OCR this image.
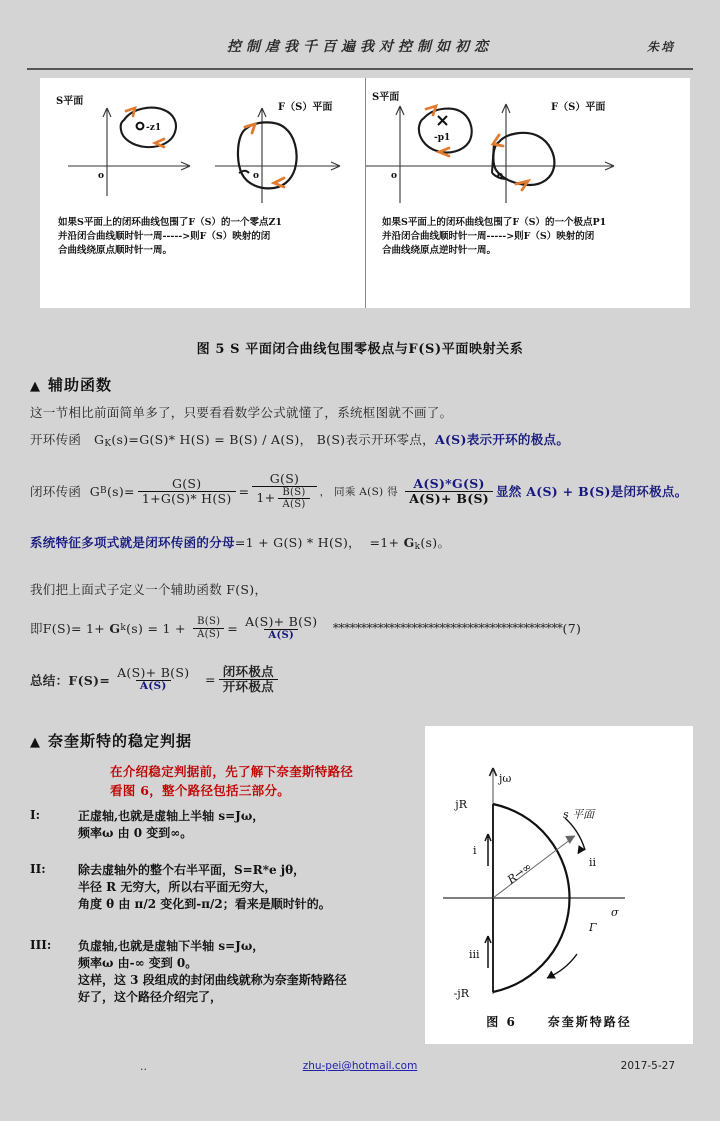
控制虐我千百遍我对控制如初恋	朱培
o
-z1
o
S平面
F（S）平面
如果S平面上的闭环曲线包围了F（S）的一个零点Z1
并沿闭合曲线顺时针一周----->则F（S）映射的闭
合曲线绕原点顺时针一周。
o
-p1
o
S平面
F（S）平面
如果S平面上的闭环曲线包围了F（S）的一个极点P1
并沿闭合曲线顺时针一周----->则F（S）映射的闭
合曲线绕原点逆时针一周。
图 5 S 平面闭合曲线包围零极点与F(S)平面映射关系
▲ 辅助函数
这一节相比前面简单多了，只要看看数学公式就懂了，系统框图就不画了。
开环传函 $G_K(s)=G(S)*$ H(S) = B(S) / A(S)， B(S)表示开环零点，A(S)表示开环的极点。
闭环传函
G B $(s)= \frac{G(S)}{1+G(S)* H(S)} = \frac{G(S)}{1+ \frac{B(S)}{A(S)}}$ ， 同乘 A(S) 得
$\frac{A(S)*G(S)}{A(S)+ B(S)}$ 显然 A(S) + B(S)是闭环极点。
系统特征多项式就是闭环传函的分母=1 + G(S) * H(S)， $=1+ G_k(s)$。
我们把上面式子定义一个辅助函数 F(S)，
即F(S)= 1+
G k (s) = 1 +
$\frac{B(S)}{A(S)} = \frac{A(S)+ B(S)}{A(S)}$
***************************************** (7)
总结：$F(S)= \frac{A(S)+ B(S)}{A(S)}$
= $\frac{\text{闭环极点}}{\text{开环极点}}$
▲ 奈奎斯特的稳定判据
在介绍稳定判据前，先了解下奈奎斯特路径
看图 6，整个路径包括三部分。
I:	正虚轴,也就是虚轴上半轴 s=Jω，
频率ω 由 0 变到∞。
II:	除去虚轴外的整个右半平面，S=R*e jθ，
半径 R 无穷大，所以右平面无穷大，
角度 θ 由 π/2 变化到-π/2；看来是顺时针的。
III: 负虚轴,也就是虚轴下半轴 s=Jω，
频率ω 由-∞ 变到 0。
这样，这 3 段组成的封闭曲线就称为奈奎斯特路径
好了，这个路径介绍完了，
jω
σ
jR
-jR
i
ii
iii
s 平面
R→∞
Γ
图 6	奈奎斯特路径
..	zhu-pei@hotmail.com	2017-5-27
